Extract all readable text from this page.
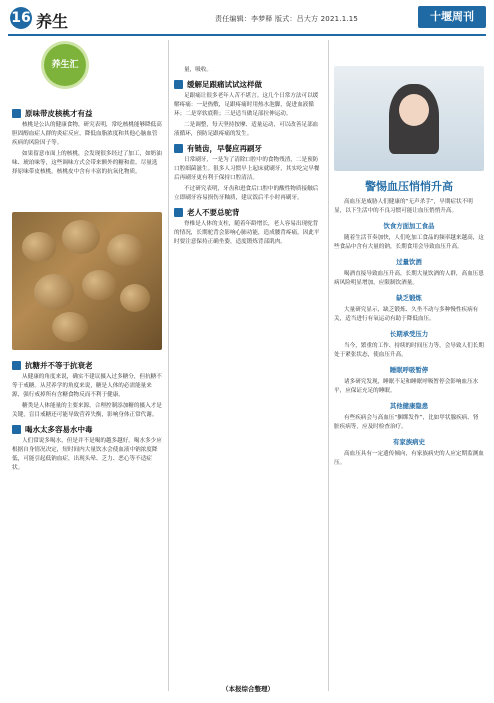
16 养生	责任编辑：李梦释 版式：吕大方 2021.1.15	十堰周刊
养生汇
原味带皮核桃才有益

核桃是公认的健康食物，研究表明，常吃核桃能够降低高胆固醇血症人群的炎症反应，降低血脂浓度和其他心脑血管疾病的风险因子等。

如果留意市面上的核桃，会发现很多经过了加工，如奶油味、琥珀味等，这些调味方式会带来额外的糖和盐。尽量选择原味带皮核桃，核桃皮中含有丰富的抗氧化物质。

抗糖并不等于抗衰老

从健康的角度来说，确实不建议摄入过多糖分，但抗糖不等于戒糖。从营养学的角度来说，糖是人体的必需能量来源，强行戒掉所有含糖食物反而不利于健康。

糖类是人体能量的主要来源，合理控制添加糖的摄入才是关键，盲目戒糖还可能导致营养失衡，影响身体正常代谢。

喝水太多容易水中毒

人们常说多喝水，但是并不是喝的越多越好。喝水多少应根据自身情况决定，短时间内大量饮水会使血液中钠浓度降低，可能引起低钠血症，出现头晕、乏力、恶心等不适症状。

量，吸收。

缓解足跟痛试试这样做

足跟痛让很多老年人苦不堪言。这几个日常方法可以缓解疼痛：一是热敷，足跟疼痛时用热水泡脚，促进血液循环；二是穿软底鞋；三是适当做足部拉伸运动。

二是调整，每天坚持按摩、适量运动，可以改善足部血液循环，预防足跟疼痛的发生。

有链齿，早餐应再刷牙

日常刷牙，一是为了清除口腔中的食物残渣，二是预防口腔细菌滋生。很多人习惯早上起床就刷牙，其实吃完早餐后再刷牙更有利于保持口腔清洁。

不过研究表明，牙齿和进食后口腔中的酸性物质接触后立即刷牙容易损伤牙釉质，建议饭后半小时再刷牙。

老人不要总驼背

脊椎是人体的支柱，随着年龄增长，老人容易出现驼背的情况，长期驼背会影响心肺功能，造成腰背疼痛，因此平时要注意保持正确坐姿，适度锻炼背部肌肉。

（本报综合整理）
警惕血压悄悄升高

高血压是威胁人们健康的“无声杀手”，早期症状不明显，以下生活中的不良习惯可能让血压悄悄升高。

饮食方面加工食品

随着生活节奏加快，人们吃加工食品的频率越来越高，这些食品中含有大量的钠，长期食用会导致血压升高。

过量饮酒

喝酒直接导致血压升高，长期大量饮酒的人群，高血压患病风险明显增加，应限制饮酒量。

缺乏锻炼

大量研究显示，缺乏锻炼、久坐不动与多种慢性疾病有关，适当进行有氧运动有助于降低血压。

长期承受压力

当今，繁重的工作、持续的时间压力等，会导致人们长期处于紧张状态，使血压升高。

睡眠呼吸暂停

诸多研究发现，睡眠不足和睡眠呼吸暂停会影响血压水平，应保证充足的睡眠。

其他健康隐患

有些疾病会与高血压“捆绑发作”，比如甲状腺疾病、肾脏疾病等，应及时检查治疗。

有家族病史

高血压具有一定遗传倾向，有家族病史的人应定期监测血压。
